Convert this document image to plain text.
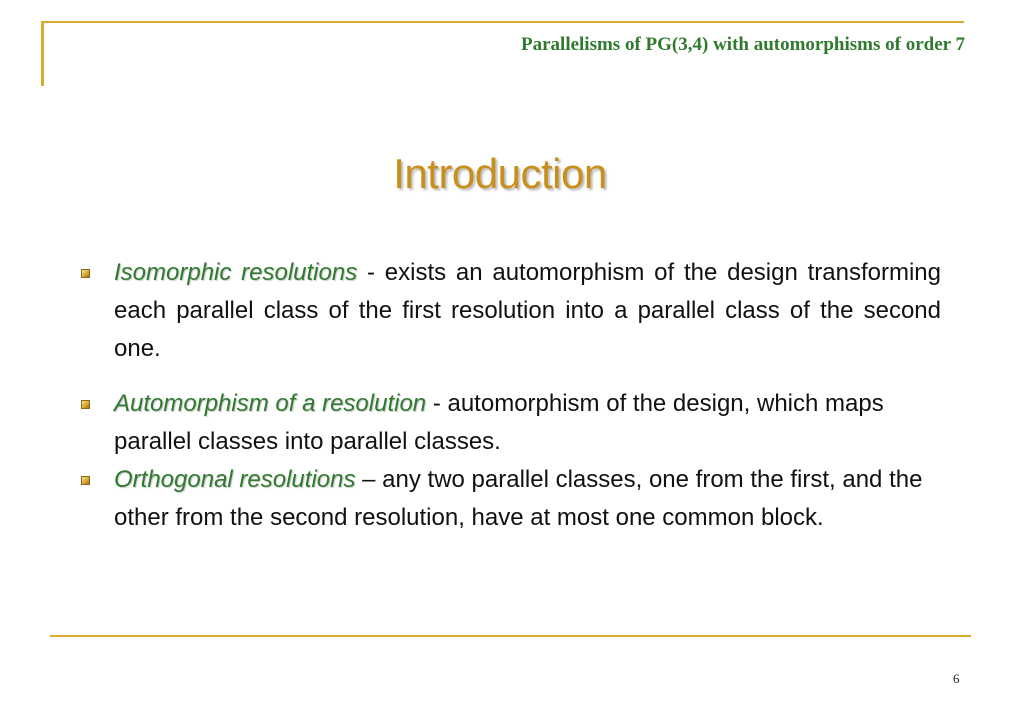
Parallelisms of PG(3,4) with automorphisms of order 7
Introduction
Isomorphic resolutions - exists an automorphism of the design transforming each parallel class of the first resolution into a parallel class of the second one.
Automorphism of a resolution - automorphism of the design, which maps parallel classes into parallel classes.
Orthogonal resolutions – any two parallel classes, one from the first, and the other from the second resolution, have at most one common block.
6
